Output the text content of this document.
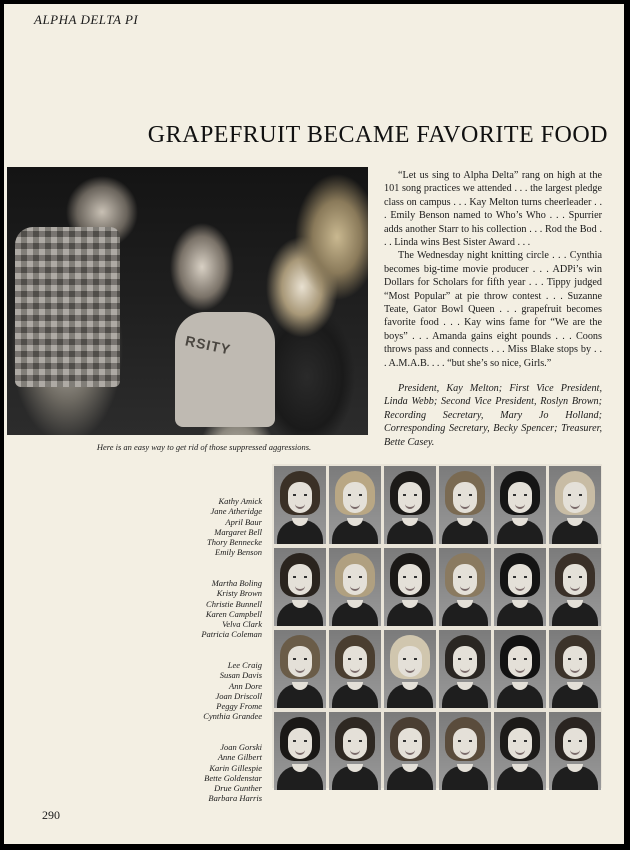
ALPHA DELTA PI
GRAPEFRUIT BECAME FAVORITE FOOD
RSITY
Here is an easy way to get rid of those suppressed aggressions.

“Let us sing to Alpha Delta” rang on high at the 101 song practices we attended . . . the largest pledge class on campus . . . Kay Melton turns cheerleader . . . Emily Benson named to Who’s Who . . . Spurrier adds another Starr to his collection . . . Rod the Bod . . . Linda wins Best Sister Award . . .

The Wednesday night knitting circle . . . Cynthia becomes big-time movie producer . . . ADPi’s win Dollars for Scholars for fifth year . . . Tippy judged “Most Popular” at pie throw contest . . . Suzanne Teate, Gator Bowl Queen . . . grapefruit becomes favorite food . . . Kay wins fame for “We are the boys” . . . Amanda gains eight pounds . . . Coons throws pass and connects . . . Miss Blake stops by . . . A.M.A.B. . . . “but she’s so nice, Girls.”

President, Kay Melton; First Vice President, Linda Webb; Second Vice President, Roslyn Brown; Recording Secretary, Mary Jo Holland; Corresponding Secretary, Becky Spencer; Treasurer, Bette Casey.
Kathy Amick
Jane Atheridge
April Baur
Margaret Bell
Thory Bennecke
Emily Benson
Martha Boling
Kristy Brown
Christie Bunnell
Karen Campbell
Velva Clark
Patricia Coleman
Lee Craig
Susan Davis
Ann Dore
Joan Driscoll
Peggy Frome
Cynthia Grandee
Joan Gorski
Anne Gilbert
Karin Gillespie
Bette Goldenstar
Drue Gunther
Barbara Harris
290
